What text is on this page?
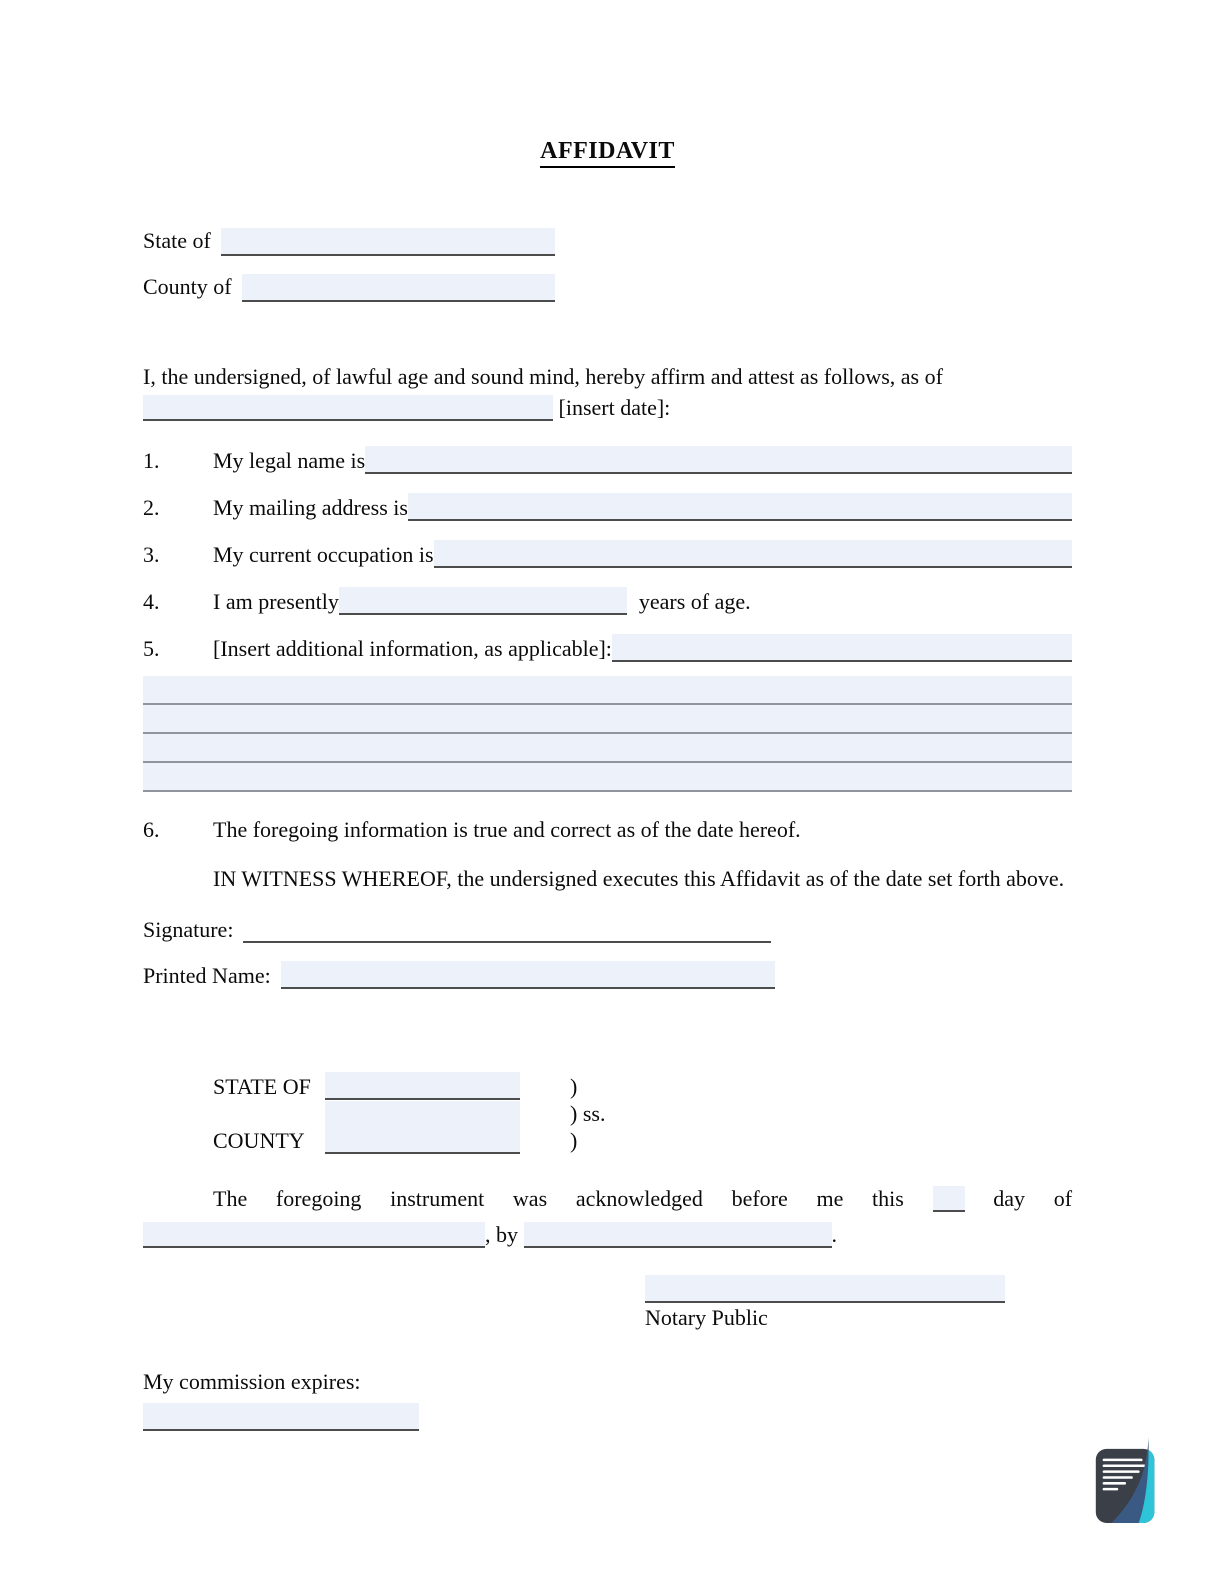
AFFIDAVIT
State of
County of
I, the undersigned, of lawful age and sound mind, hereby affirm and attest as follows, as of
[insert date]:
1.	My legal name is
2.	My mailing address is
3.	My current occupation is
4.	I am presently	years of age.
5.	[Insert additional information, as applicable]:
6.	The foregoing information is true and correct as of the date hereof.
IN WITNESS WHEREOF, the undersigned executes this Affidavit as of the date set forth above.
Signature:
Printed Name:
STATE OF	)
) ss.
COUNTY	)
The foregoing instrument was acknowledged before me this	day of
, by	.
Notary Public
My commission expires:
